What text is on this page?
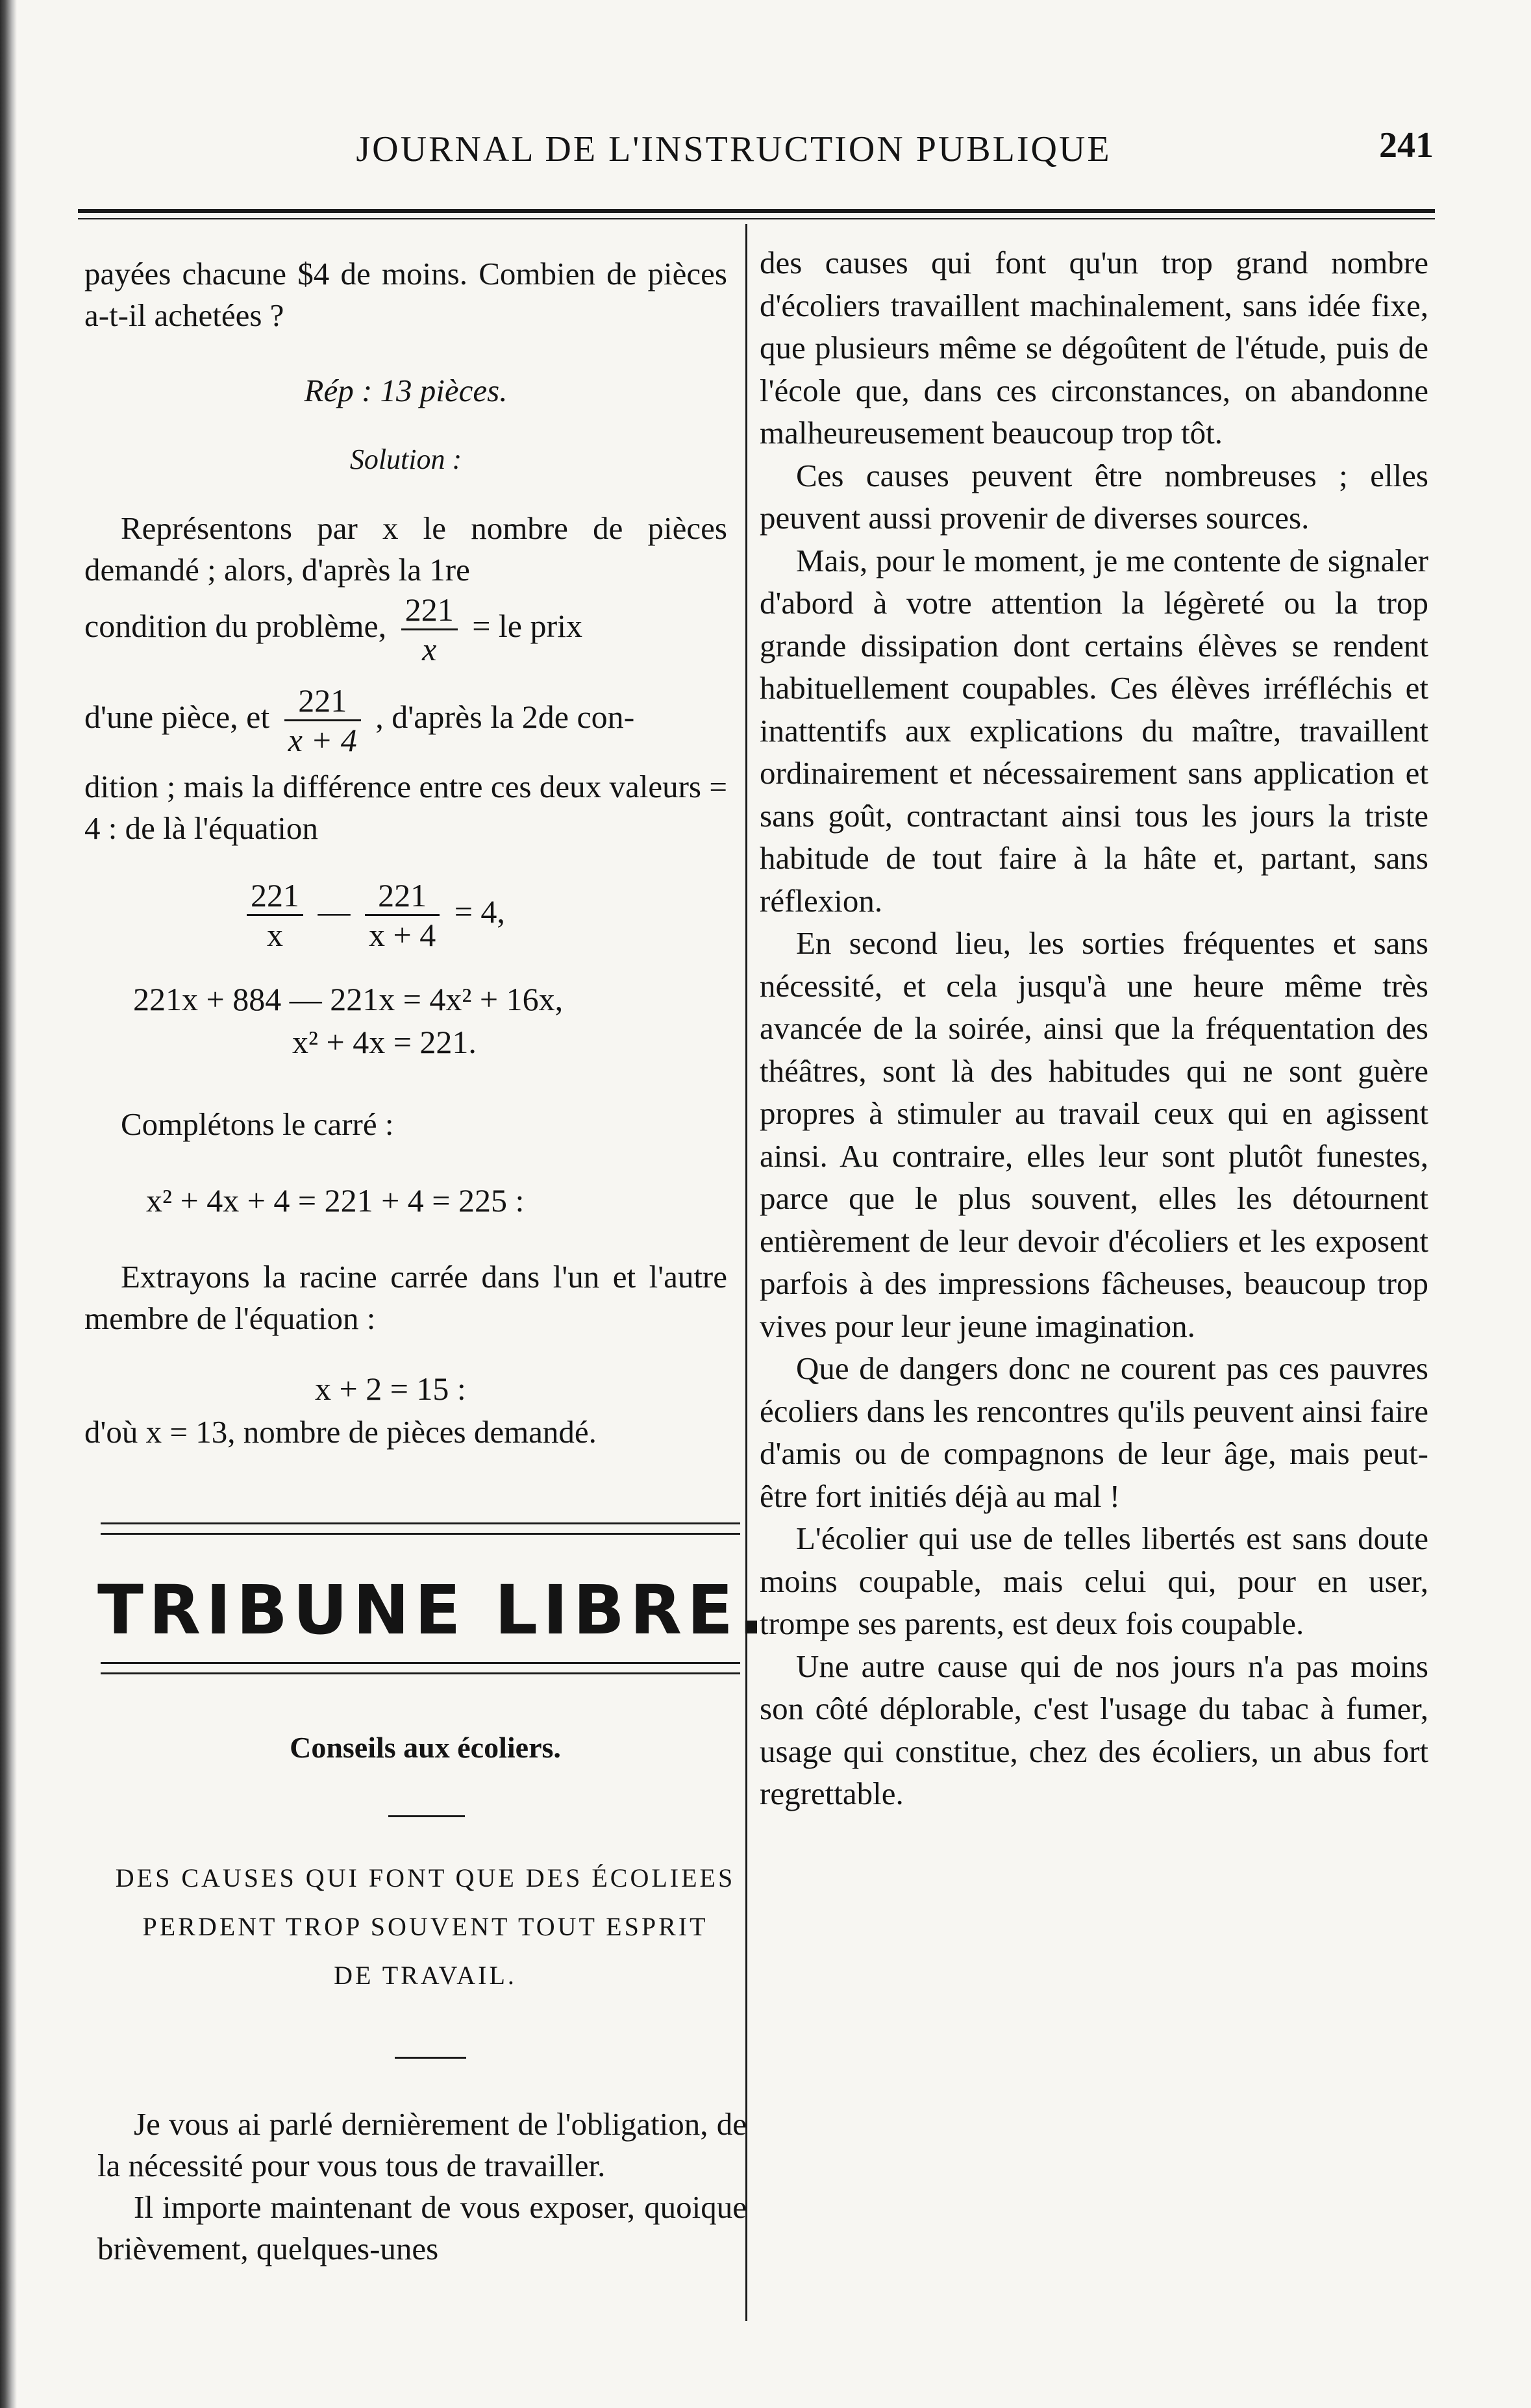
JOURNAL DE L'INSTRUCTION PUBLIQUE	241

payées chacune $4 de moins. Combien de pièces a-t-il achetées ?

Rép : 13 pièces.
Solution :

Représentons par x le nombre de pièces demandé ; alors, d'après la 1re

condition du problème, $\frac{221}{x}$ = le prix
d'une pièce, et $\frac{221}{x + 4}$ , d'après la 2de con-

dition ; mais la différence entre ces deux valeurs = 4 : de là l'équation

$\frac{221}{x}$ — $\frac{221}{x + 4} = 4$,
221x + 884 — 221x = 4x² + 16x,
x² + 4x = 221.

Complétons le carré :

x² + 4x + 4 = 221 + 4 = 225 :

Extrayons la racine carrée dans l'un et l'autre membre de l'équation :

x + 2 = 15 :

d'où x = 13, nombre de pièces demandé.

TRIBUNE LIBRE.
Conseils aux écoliers.
DES CAUSES QUI FONT QUE DES ÉCOLIEES
PERDENT TROP SOUVENT TOUT ESPRIT
DE TRAVAIL.

Je vous ai parlé dernièrement de l'obligation, de la nécessité pour vous tous de travailler.

Il importe maintenant de vous exposer, quoique brièvement, quelques-unes

des causes qui font qu'un trop grand nombre d'écoliers travaillent machinalement, sans idée fixe, que plusieurs même se dégoûtent de l'étude, puis de l'école que, dans ces circonstances, on abandonne malheureusement beaucoup trop tôt.

Ces causes peuvent être nombreuses ; elles peuvent aussi provenir de diverses sources.

Mais, pour le moment, je me contente de signaler d'abord à votre attention la légèreté ou la trop grande dissipation dont certains élèves se rendent habituellement coupables. Ces élèves irréfléchis et inattentifs aux explications du maître, travaillent ordinairement et nécessairement sans application et sans goût, contractant ainsi tous les jours la triste habitude de tout faire à la hâte et, partant, sans réflexion.

En second lieu, les sorties fréquentes et sans nécessité, et cela jusqu'à une heure même très avancée de la soirée, ainsi que la fréquentation des théâtres, sont là des habitudes qui ne sont guère propres à stimuler au travail ceux qui en agissent ainsi. Au contraire, elles leur sont plutôt funestes, parce que le plus souvent, elles les détournent entièrement de leur devoir d'écoliers et les exposent parfois à des impressions fâcheuses, beaucoup trop vives pour leur jeune imagination.

Que de dangers donc ne courent pas ces pauvres écoliers dans les rencontres qu'ils peuvent ainsi faire d'amis ou de compagnons de leur âge, mais peut-être fort initiés déjà au mal !

L'écolier qui use de telles libertés est sans doute moins coupable, mais celui qui, pour en user, trompe ses parents, est deux fois coupable.

Une autre cause qui de nos jours n'a pas moins son côté déplorable, c'est l'usage du tabac à fumer, usage qui constitue, chez des écoliers, un abus fort regrettable.
